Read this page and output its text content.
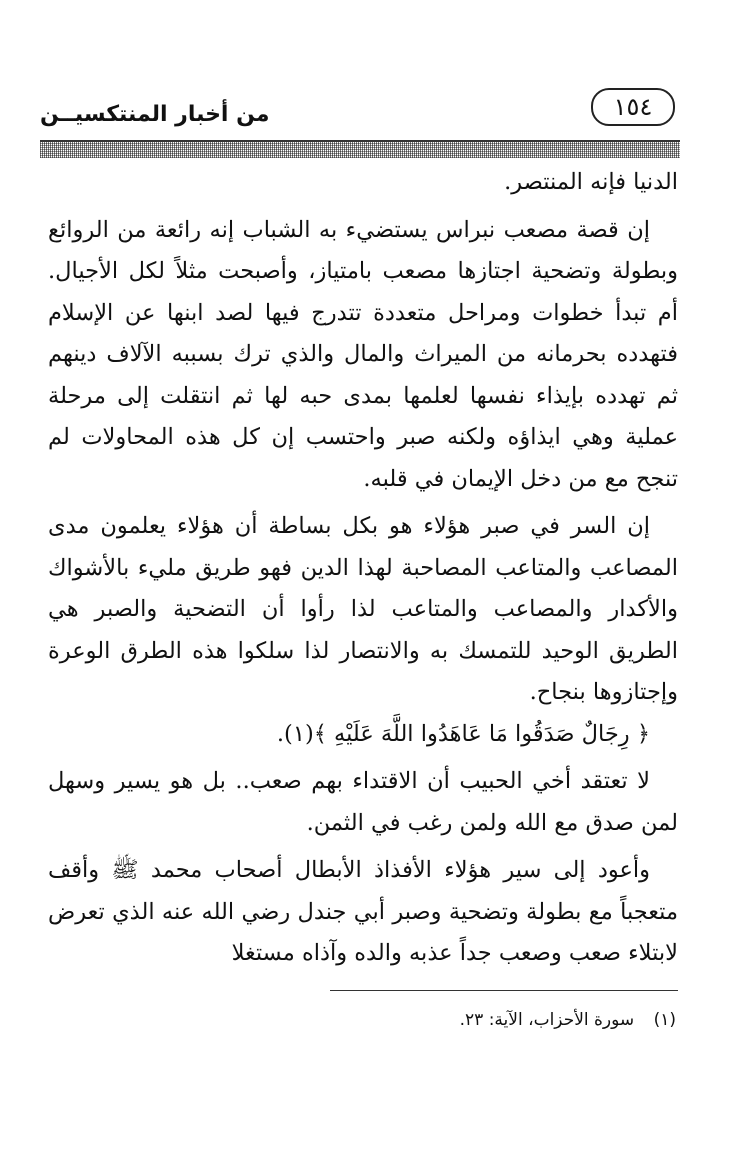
١٥٤
من أخبار المنتكسيــن

الدنيا فإنه المنتصر.

إن قصة مصعب نبراس يستضيء به الشباب إنه رائعة من الروائع وبطولة وتضحية اجتازها مصعب بامتياز، وأصبحت مثلاً لكل الأجيال. أم تبدأ خطوات ومراحل متعددة تتدرج فيها لصد ابنها عن الإسلام فتهدده بحرمانه من الميراث والمال والذي ترك بسببه الآلاف دينهم ثم تهدده بإيذاء نفسها لعلمها بمدى حبه لها ثم انتقلت إلى مرحلة عملية وهي ايذاؤه ولكنه صبر واحتسب إن كل هذه المحاولات لم تنجح مع من دخل الإيمان في قلبه.

إن السر في صبر هؤلاء هو بكل بساطة أن هؤلاء يعلمون مدى المصاعب والمتاعب المصاحبة لهذا الدين فهو طريق مليء بالأشواك والأكدار والمصاعب والمتاعب لذا رأوا أن التضحية والصبر هي الطريق الوحيد للتمسك به والانتصار لذا سلكوا هذه الطرق الوعرة وإجتازوها بنجاح.

﴿ رِجَالٌ صَدَقُوا مَا عَاهَدُوا اللَّهَ عَلَيْهِ ﴾(١).

لا تعتقد أخي الحبيب أن الاقتداء بهم صعب.. بل هو يسير وسهل لمن صدق مع الله ولمن رغب في الثمن.

وأعود إلى سير هؤلاء الأفذاذ الأبطال أصحاب محمد ﷺ وأقف متعجباً مع بطولة وتضحية وصبر أبي جندل رضي الله عنه الذي تعرض لابتلاء صعب وصعب جداً عذبه والده وآذاه مستغلا

(١) سورة الأحزاب، الآية: ٢٣.
